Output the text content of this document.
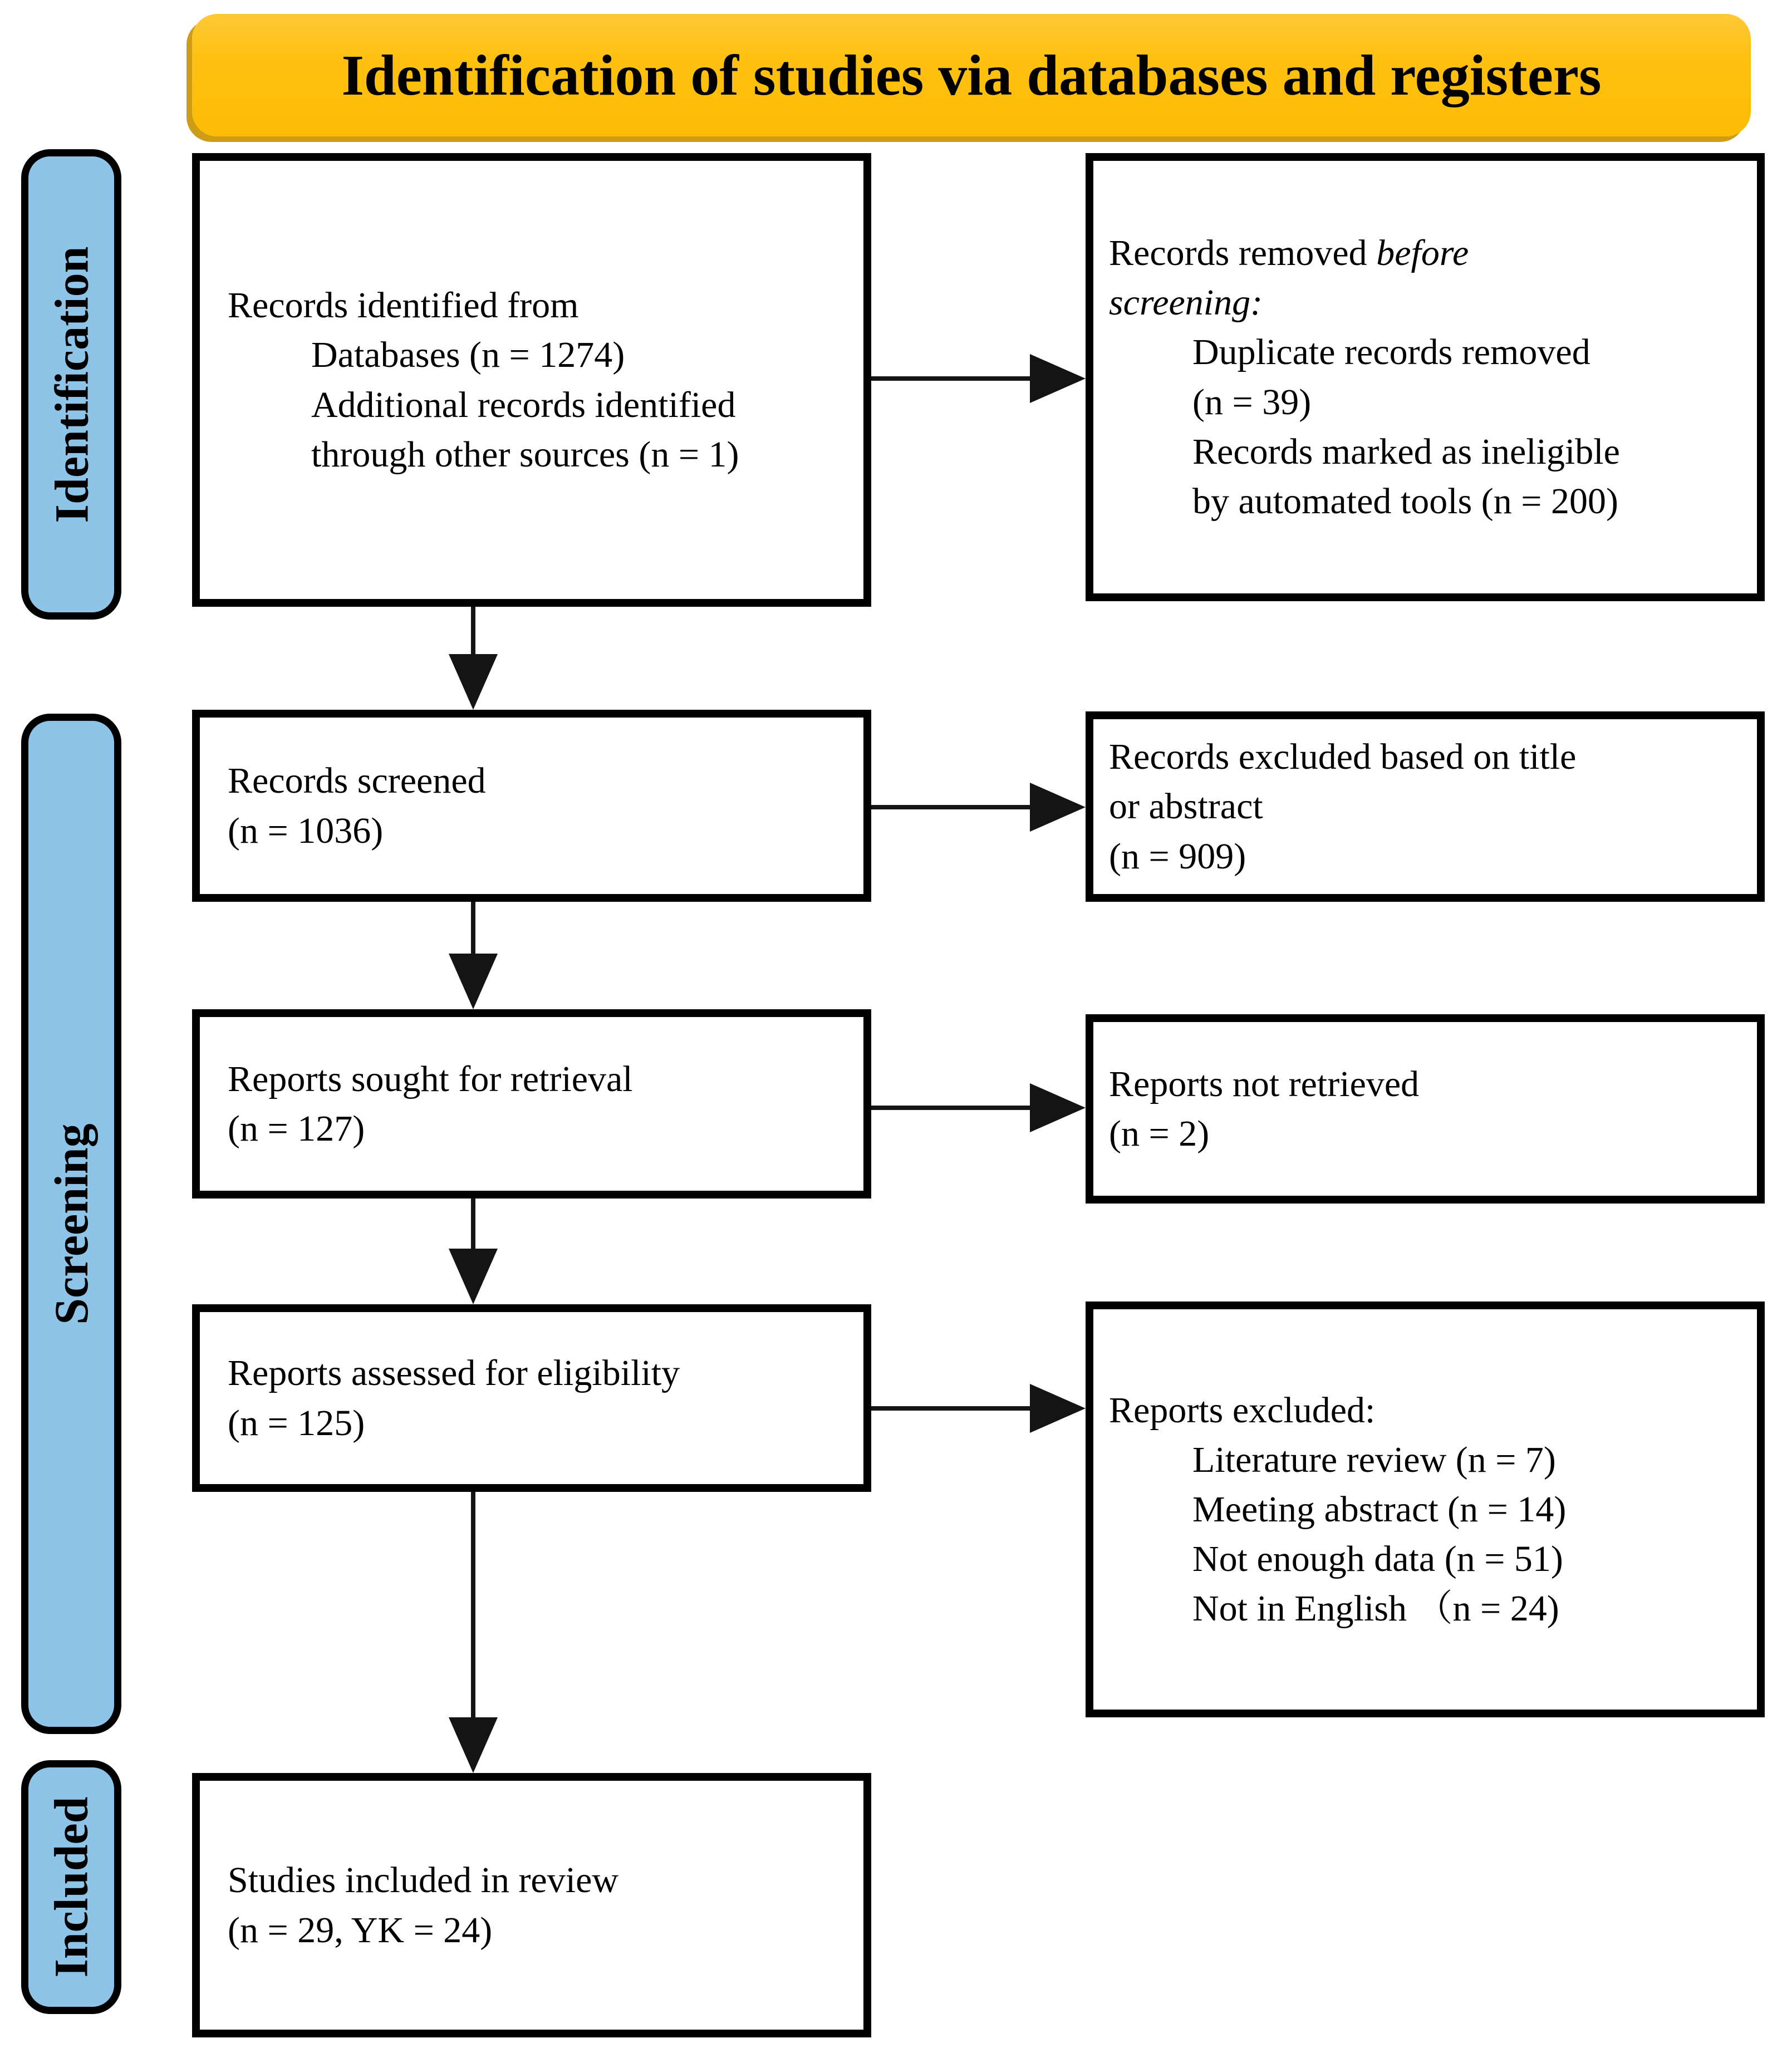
Identification of studies via databases and registers
Identification
Screening
Included
Records identified from
Databases (n = 1274)
Additional records identified
through other sources (n = 1)
Records screened
(n = 1036)
Reports sought for retrieval
(n = 127)
Reports assessed for eligibility
(n = 125)
Studies included in review
(n = 29, YK = 24)
Records removed before
screening:
Duplicate records removed
(n = 39)
Records marked as ineligible
by automated tools (n = 200)
Records excluded based on title
or abstract
(n = 909)
Reports not retrieved
(n = 2)
Reports excluded:
Literature review (n = 7)
Meeting abstract (n = 14)
Not enough data (n = 51)
Not in English （n = 24)
